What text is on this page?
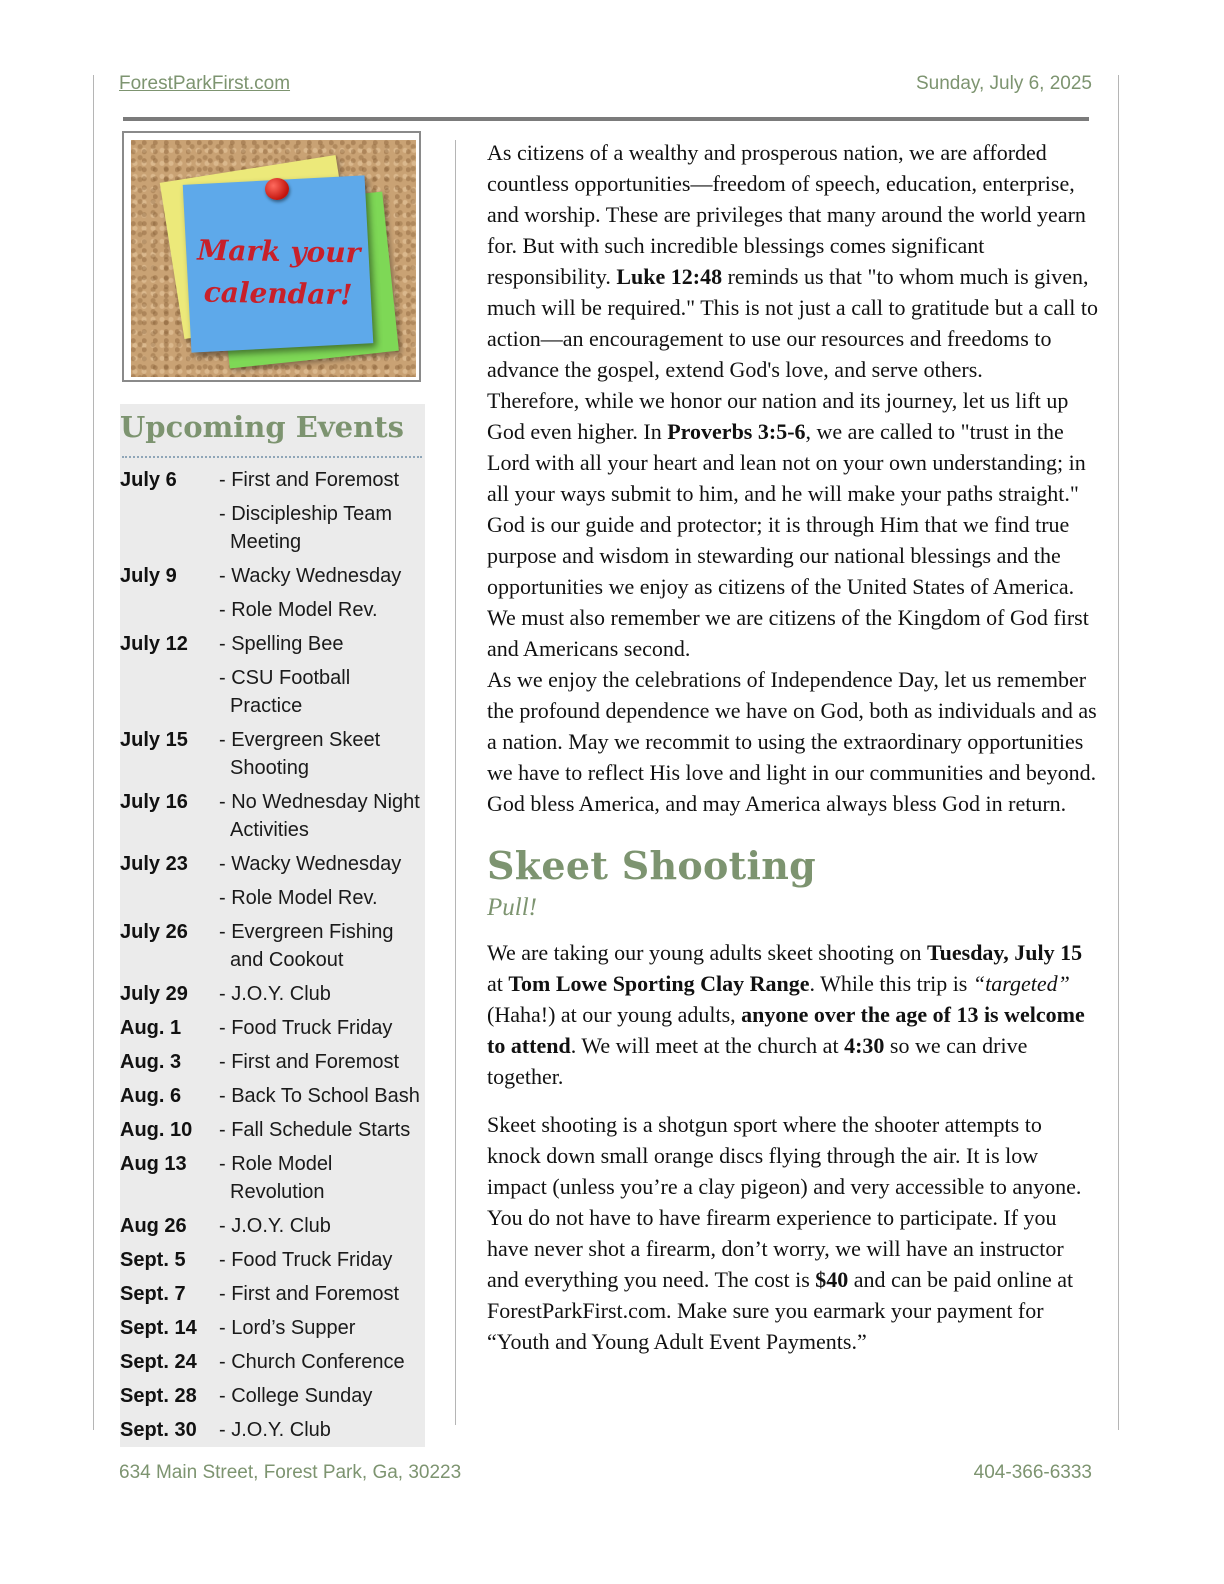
ForestParkFirst.com	Sunday, July 6, 2025
Mark your
calendar!
Upcoming Events
July 6	- First and Foremost
- Discipleship Team Meeting
July 9	- Wacky Wednesday
- Role Model Rev.
July 12	- Spelling Bee
- CSU Football Practice
July 15	- Evergreen Skeet Shooting
July 16	- No Wednesday Night Activities
July 23	- Wacky Wednesday
- Role Model Rev.
July 26	- Evergreen Fishing and Cookout
July 29	- J.O.Y. Club
Aug. 1	- Food Truck Friday
Aug. 3	- First and Foremost
Aug. 6	- Back To School Bash
Aug. 10	- Fall Schedule Starts
Aug 13	- Role Model Revolution
Aug 26	- J.O.Y. Club
Sept. 5	- Food Truck Friday
Sept. 7	- First and Foremost
Sept. 14	- Lord’s Supper
Sept. 24	- Church Conference
Sept. 28	- College Sunday
Sept. 30	- J.O.Y. Club

As citizens of a wealthy and prosperous nation, we are afforded countless opportunities—freedom of speech, education, enterprise, and worship. These are privileges that many around the world yearn for. But with such incredible blessings comes significant responsibility. Luke 12:48 reminds us that "to whom much is given, much will be required." This is not just a call to gratitude but a call to action—an encouragement to use our resources and freedoms to advance the gospel, extend God's love, and serve others.

Therefore, while we honor our nation and its journey, let us lift up God even higher. In Proverbs 3:5-6, we are called to "trust in the Lord with all your heart and lean not on your own understanding; in all your ways submit to him, and he will make your paths straight." God is our guide and protector; it is through Him that we find true purpose and wisdom in stewarding our national blessings and the opportunities we enjoy as citizens of the United States of America. We must also remember we are citizens of the Kingdom of God first and Americans second.

As we enjoy the celebrations of Independence Day, let us remember the profound dependence we have on God, both as individuals and as a nation. May we recommit to using the extraordinary opportunities we have to reflect His love and light in our communities and beyond. God bless America, and may America always bless God in return.

Skeet Shooting
Pull!

We are taking our young adults skeet shooting on Tuesday, July 15 at Tom Lowe Sporting Clay Range. While this trip is “targeted” (Haha!) at our young adults, anyone over the age of 13 is welcome to attend. We will meet at the church at 4:30 so we can drive together.

Skeet shooting is a shotgun sport where the shooter attempts to knock down small orange discs flying through the air. It is low impact (unless you’re a clay pigeon) and very accessible to anyone. You do not have to have firearm experience to participate. If you have never shot a firearm, don’t worry, we will have an instructor and everything you need. The cost is $40 and can be paid online at ForestParkFirst.com. Make sure you earmark your payment for “Youth and Young Adult Event Payments.”

634 Main Street, Forest Park, Ga, 30223	404-366-6333
